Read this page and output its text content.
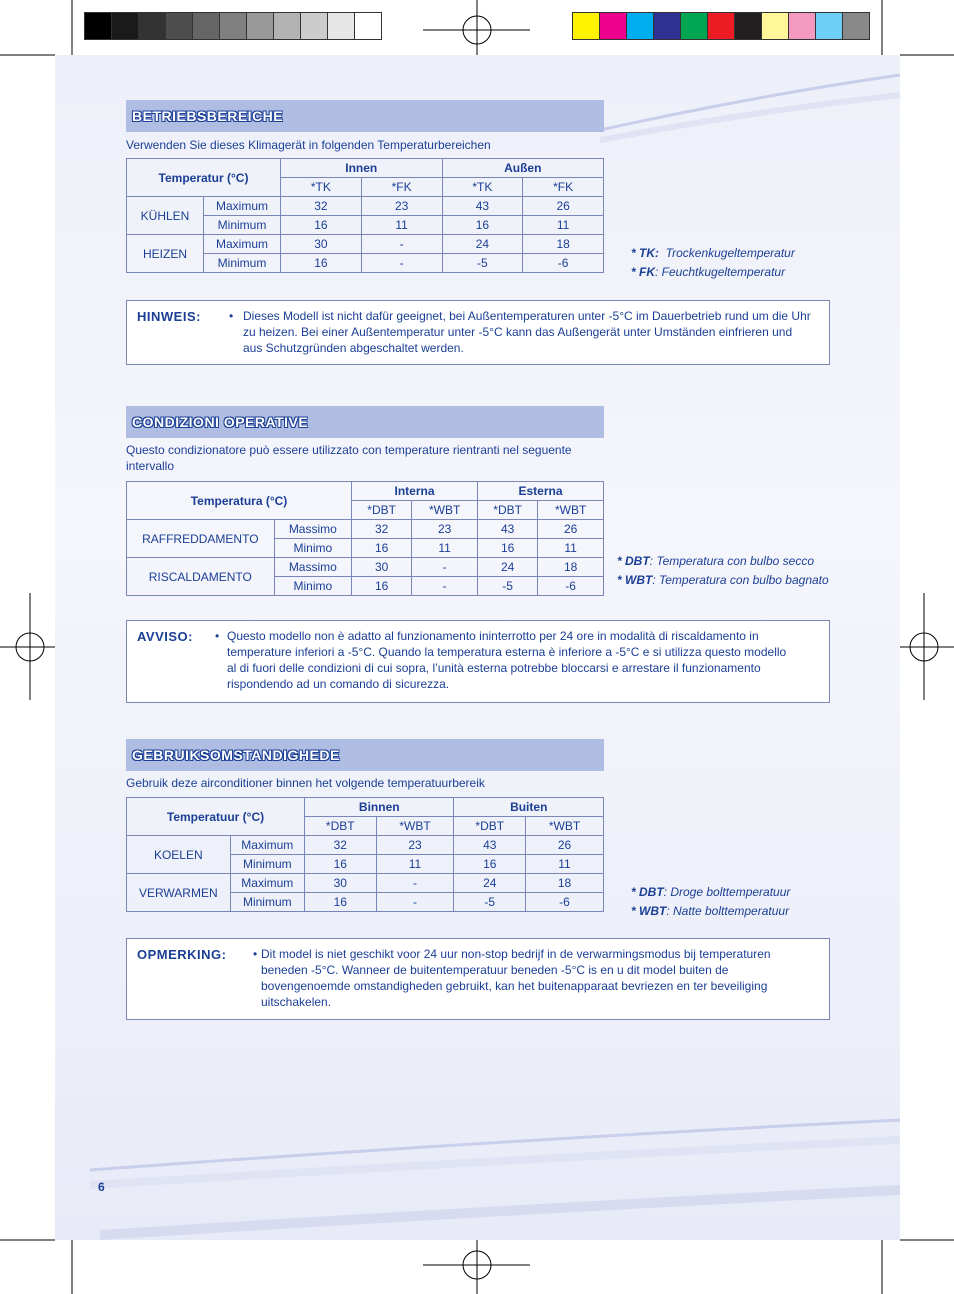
BETRIEBSBEREICHE
Verwenden Sie dieses Klimagerät in folgenden Temperaturbereichen
Temperatur (°C)		Innen		Außen	
		*TK	*FK	*TK	*FK
KÜHLEN	Maximum	32	23	43	26
	Minimum	16	11	16	11
HEIZEN	Maximum	30	-	24	18
	Minimum	16	-	-5	-6
* TK: Trockenkugeltemperatur
* FK: Feuchtkugeltemperatur
HINWEIS: • Dieses Modell ist nicht dafür geeignet, bei Außentemperaturen unter -5°C im Dauerbetrieb rund um die Uhr zu heizen. Bei einer Außentemperatur unter -5°C kann das Außengerät unter Umständen einfrieren und aus Schutzgründen abgeschaltet werden.
CONDIZIONI OPERATIVE
Questo condizionatore può essere utilizzato con temperature rientranti nel seguente intervallo
Temperatura (°C)		Interna		Esterna	
		*DBT	*WBT	*DBT	*WBT
RAFFREDDAMENTO	Massimo	32	23	43	26
	Minimo	16	11	16	11
RISCALDAMENTO	Massimo	30	-	24	18
	Minimo	16	-	-5	-6
* DBT: Temperatura con bulbo secco
* WBT: Temperatura con bulbo bagnato
AVVISO: • Questo modello non è adatto al funzionamento ininterrotto per 24 ore in modalità di riscaldamento in temperature inferiori a -5°C. Quando la temperatura esterna è inferiore a -5°C e si utilizza questo modello al di fuori delle condizioni di cui sopra, l’unità esterna potrebbe bloccarsi e arrestare il funzionamento rispondendo ad un comando di sicurezza.
GEBRUIKSOMSTANDIGHEDE
Gebruik deze airconditioner binnen het volgende temperatuurbereik
Temperatuur (°C)		Binnen		Buiten	
		*DBT	*WBT	*DBT	*WBT
KOELEN	Maximum	32	23	43	26
	Minimum	16	11	16	11
VERWARMEN	Maximum	30	-	24	18
	Minimum	16	-	-5	-6
* DBT: Droge bolttemperatuur
* WBT: Natte bolttemperatuur
OPMERKING: • Dit model is niet geschikt voor 24 uur non-stop bedrijf in de verwarmingsmodus bij temperaturen beneden -5°C. Wanneer de buitentemperatuur beneden -5°C is en u dit model buiten de bovengenoemde omstandigheden gebruikt, kan het buitenapparaat bevriezen en ter beveiliging uitschakelen.
6
